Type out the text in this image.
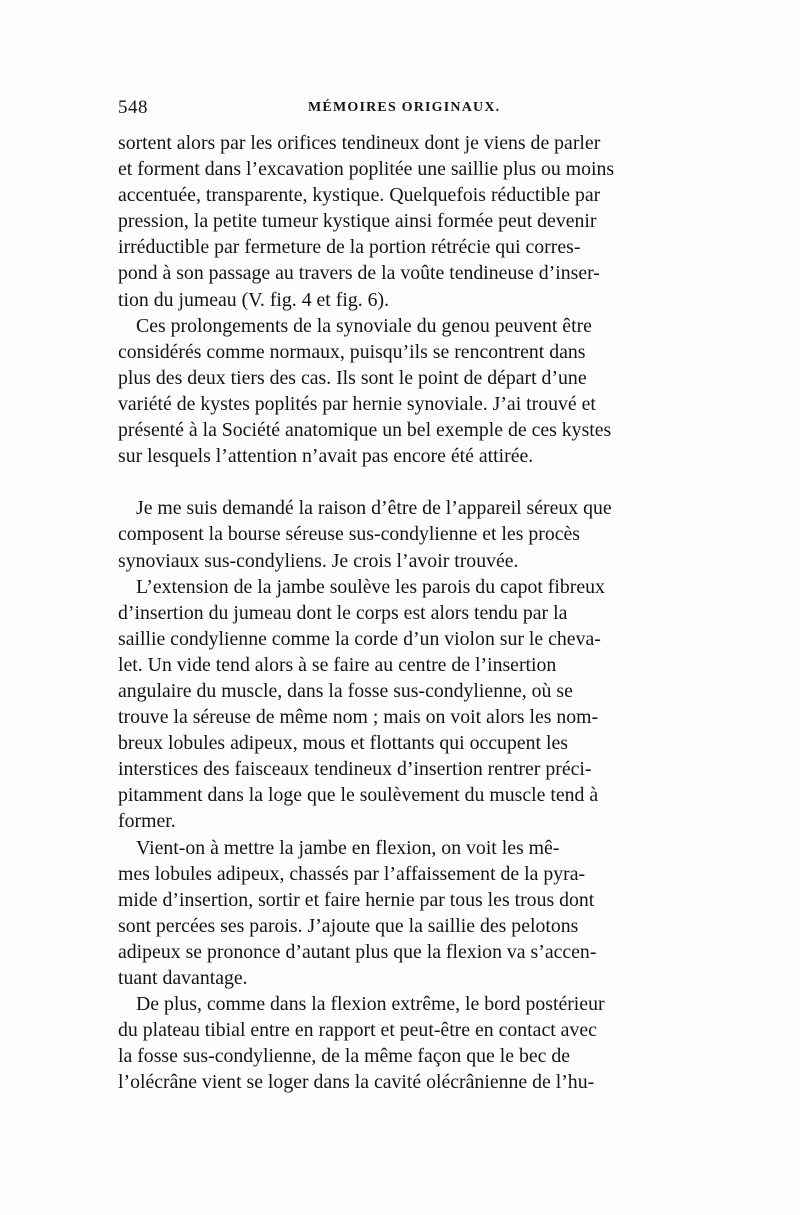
548	MÉMOIRES ORIGINAUX.
sortent alors par les orifices tendineux dont je viens de parler
et forment dans l’excavation poplitée une saillie plus ou moins
accentuée, transparente, kystique. Quelquefois réductible par
pression, la petite tumeur kystique ainsi formée peut devenir
irréductible par fermeture de la portion rétrécie qui corres-
pond à son passage au travers de la voûte tendineuse d’inser-
tion du jumeau (V. fig. 4 et fig. 6).
Ces prolongements de la synoviale du genou peuvent être
considérés comme normaux, puisqu’ils se rencontrent dans
plus des deux tiers des cas. Ils sont le point de départ d’une
variété de kystes poplités par hernie synoviale. J’ai trouvé et
présenté à la Société anatomique un bel exemple de ces kystes
sur lesquels l’attention n’avait pas encore été attirée.
Je me suis demandé la raison d’être de l’appareil séreux que
composent la bourse séreuse sus-condylienne et les procès
synoviaux sus-condyliens. Je crois l’avoir trouvée.
L’extension de la jambe soulève les parois du capot fibreux
d’insertion du jumeau dont le corps est alors tendu par la
saillie condylienne comme la corde d’un violon sur le cheva-
let. Un vide tend alors à se faire au centre de l’insertion
angulaire du muscle, dans la fosse sus-condylienne, où se
trouve la séreuse de même nom ; mais on voit alors les nom-
breux lobules adipeux, mous et flottants qui occupent les
interstices des faisceaux tendineux d’insertion rentrer préci-
pitamment dans la loge que le soulèvement du muscle tend à
former.
Vient-on à mettre la jambe en flexion, on voit les mê-
mes lobules adipeux, chassés par l’affaissement de la pyra-
mide d’insertion, sortir et faire hernie par tous les trous dont
sont percées ses parois. J’ajoute que la saillie des pelotons
adipeux se prononce d’autant plus que la flexion va s’accen-
tuant davantage.
De plus, comme dans la flexion extrême, le bord postérieur
du plateau tibial entre en rapport et peut-être en contact avec
la fosse sus-condylienne, de la même façon que le bec de
l’olécrâne vient se loger dans la cavité olécrânienne de l’hu-
